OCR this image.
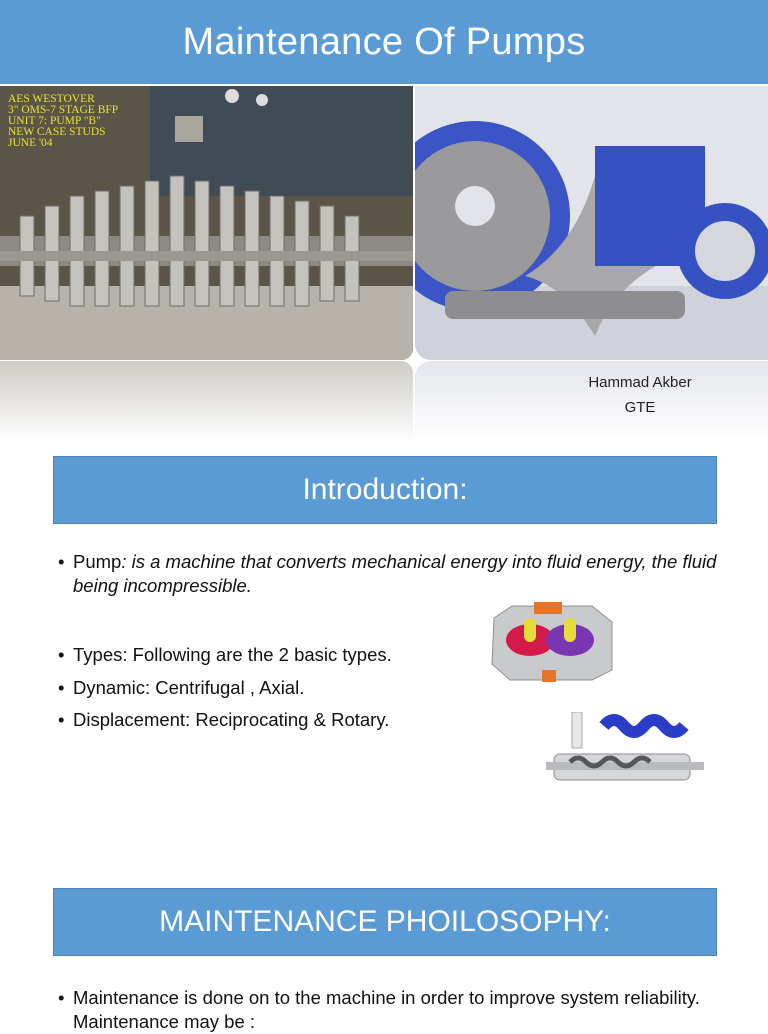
Maintenance Of Pumps
AES WESTOVER
3" OMS-7 STAGE BFP
UNIT 7: PUMP "B"
NEW CASE STUDS
JUNE '04
Hammad Akber
GTE
Introduction:
• Pump: is a machine that converts mechanical energy into fluid energy, the fluid being incompressible.
• Types: Following are the 2 basic types.
• Dynamic: Centrifugal , Axial.
• Displacement: Reciprocating & Rotary.
MAINTENANCE PHOILOSOPHY:
• Maintenance is done on to the machine in order to improve system reliability. Maintenance may be :
